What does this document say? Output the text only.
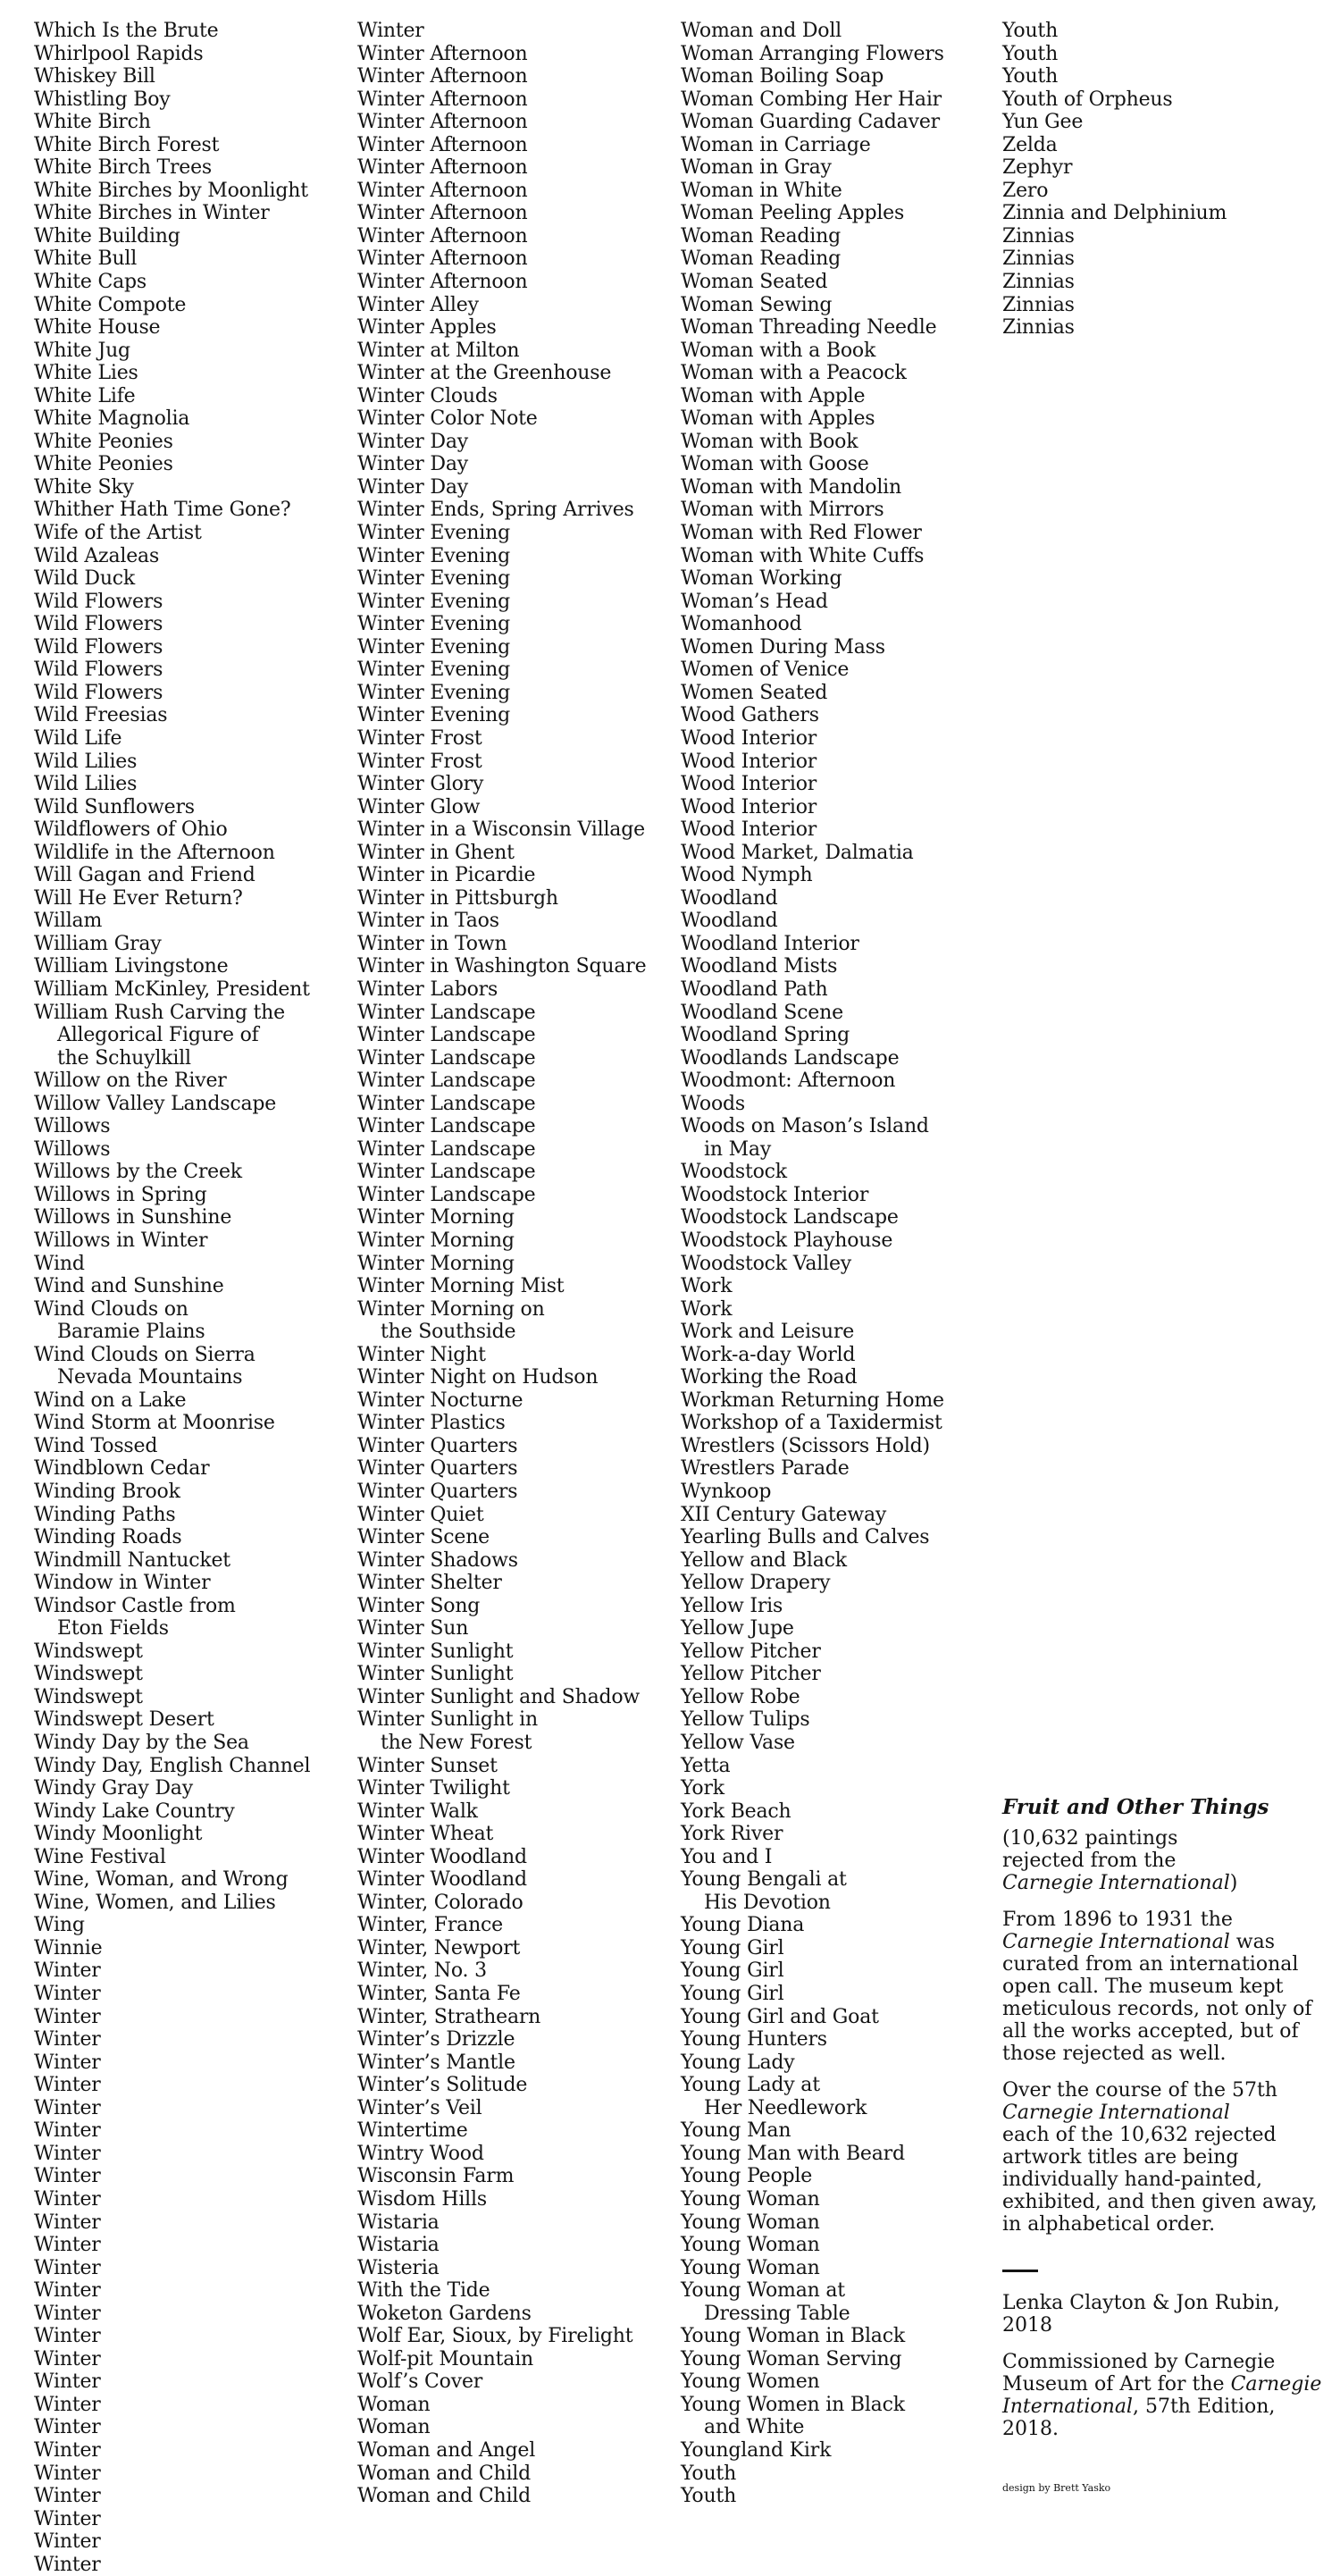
Which Is the Brute
Whirlpool Rapids
Whiskey Bill
Whistling Boy
White Birch
White Birch Forest
White Birch Trees
White Birches by Moonlight
White Birches in Winter
White Building
White Bull
White Caps
White Compote
White House
White Jug
White Lies
White Life
White Magnolia
White Peonies
White Peonies
White Sky
Whither Hath Time Gone?
Wife of the Artist
Wild Azaleas
Wild Duck
Wild Flowers
Wild Flowers
Wild Flowers
Wild Flowers
Wild Flowers
Wild Freesias
Wild Life
Wild Lilies
Wild Lilies
Wild Sunflowers
Wildflowers of Ohio
Wildlife in the Afternoon
Will Gagan and Friend
Will He Ever Return?
Willam
William Gray
William Livingstone
William McKinley, President
William Rush Carving the
Allegorical Figure of
the Schuylkill
Willow on the River
Willow Valley Landscape
Willows
Willows
Willows by the Creek
Willows in Spring
Willows in Sunshine
Willows in Winter
Wind
Wind and Sunshine
Wind Clouds on
Baramie Plains
Wind Clouds on Sierra
Nevada Mountains
Wind on a Lake
Wind Storm at Moonrise
Wind Tossed
Windblown Cedar
Winding Brook
Winding Paths
Winding Roads
Windmill Nantucket
Window in Winter
Windsor Castle from
Eton Fields
Windswept
Windswept
Windswept
Windswept Desert
Windy Day by the Sea
Windy Day, English Channel
Windy Gray Day
Windy Lake Country
Windy Moonlight
Wine Festival
Wine, Woman, and Wrong
Wine, Women, and Lilies
Wing
Winnie
Winter
Winter
Winter
Winter
Winter
Winter
Winter
Winter
Winter
Winter
Winter
Winter
Winter
Winter
Winter
Winter
Winter
Winter
Winter
Winter
Winter
Winter
Winter
Winter
Winter
Winter
Winter
Winter
Winter Afternoon
Winter Afternoon
Winter Afternoon
Winter Afternoon
Winter Afternoon
Winter Afternoon
Winter Afternoon
Winter Afternoon
Winter Afternoon
Winter Afternoon
Winter Afternoon
Winter Alley
Winter Apples
Winter at Milton
Winter at the Greenhouse
Winter Clouds
Winter Color Note
Winter Day
Winter Day
Winter Day
Winter Ends, Spring Arrives
Winter Evening
Winter Evening
Winter Evening
Winter Evening
Winter Evening
Winter Evening
Winter Evening
Winter Evening
Winter Evening
Winter Frost
Winter Frost
Winter Glory
Winter Glow
Winter in a Wisconsin Village
Winter in Ghent
Winter in Picardie
Winter in Pittsburgh
Winter in Taos
Winter in Town
Winter in Washington Square
Winter Labors
Winter Landscape
Winter Landscape
Winter Landscape
Winter Landscape
Winter Landscape
Winter Landscape
Winter Landscape
Winter Landscape
Winter Landscape
Winter Morning
Winter Morning
Winter Morning
Winter Morning Mist
Winter Morning on
the Southside
Winter Night
Winter Night on Hudson
Winter Nocturne
Winter Plastics
Winter Quarters
Winter Quarters
Winter Quarters
Winter Quiet
Winter Scene
Winter Shadows
Winter Shelter
Winter Song
Winter Sun
Winter Sunlight
Winter Sunlight
Winter Sunlight and Shadow
Winter Sunlight in
the New Forest
Winter Sunset
Winter Twilight
Winter Walk
Winter Wheat
Winter Woodland
Winter Woodland
Winter, Colorado
Winter, France
Winter, Newport
Winter, No. 3
Winter, Santa Fe
Winter, Strathearn
Winter’s Drizzle
Winter’s Mantle
Winter’s Solitude
Winter’s Veil
Wintertime
Wintry Wood
Wisconsin Farm
Wisdom Hills
Wistaria
Wistaria
Wisteria
With the Tide
Woketon Gardens
Wolf Ear, Sioux, by Firelight
Wolf-pit Mountain
Wolf’s Cover
Woman
Woman
Woman and Angel
Woman and Child
Woman and Child
Woman and Doll
Woman Arranging Flowers
Woman Boiling Soap
Woman Combing Her Hair
Woman Guarding Cadaver
Woman in Carriage
Woman in Gray
Woman in White
Woman Peeling Apples
Woman Reading
Woman Reading
Woman Seated
Woman Sewing
Woman Threading Needle
Woman with a Book
Woman with a Peacock
Woman with Apple
Woman with Apples
Woman with Book
Woman with Goose
Woman with Mandolin
Woman with Mirrors
Woman with Red Flower
Woman with White Cuffs
Woman Working
Woman’s Head
Womanhood
Women During Mass
Women of Venice
Women Seated
Wood Gathers
Wood Interior
Wood Interior
Wood Interior
Wood Interior
Wood Interior
Wood Market, Dalmatia
Wood Nymph
Woodland
Woodland
Woodland Interior
Woodland Mists
Woodland Path
Woodland Scene
Woodland Spring
Woodlands Landscape
Woodmont: Afternoon
Woods
Woods on Mason’s Island
in May
Woodstock
Woodstock Interior
Woodstock Landscape
Woodstock Playhouse
Woodstock Valley
Work
Work
Work and Leisure
Work-a-day World
Working the Road
Workman Returning Home
Workshop of a Taxidermist
Wrestlers (Scissors Hold)
Wrestlers Parade
Wynkoop
XII Century Gateway
Yearling Bulls and Calves
Yellow and Black
Yellow Drapery
Yellow Iris
Yellow Jupe
Yellow Pitcher
Yellow Pitcher
Yellow Robe
Yellow Tulips
Yellow Vase
Yetta
York
York Beach
York River
You and I
Young Bengali at
His Devotion
Young Diana
Young Girl
Young Girl
Young Girl
Young Girl and Goat
Young Hunters
Young Lady
Young Lady at
Her Needlework
Young Man
Young Man with Beard
Young People
Young Woman
Young Woman
Young Woman
Young Woman
Young Woman at
Dressing Table
Young Woman in Black
Young Woman Serving
Young Women
Young Women in Black
and White
Youngland Kirk
Youth
Youth
Youth
Youth
Youth
Youth of Orpheus
Yun Gee
Zelda
Zephyr
Zero
Zinnia and Delphinium
Zinnias
Zinnias
Zinnias
Zinnias
Zinnias
Fruit and Other Things

(10,632 paintings
rejected from the
Carnegie International)

From 1896 to 1931 the Carnegie International was curated from an international open call. The museum kept meticulous records, not only of all the works accepted, but of those rejected as well.

Over the course of the 57th
Carnegie International
each of the 10,632 rejected artwork titles are being individually hand-painted, exhibited, and then given away, in alphabetical order.

Lenka Clayton & Jon Rubin, 2018

Commissioned by Carnegie Museum of Art for the Carnegie International, 57th Edition, 2018.

design by Brett Yasko
